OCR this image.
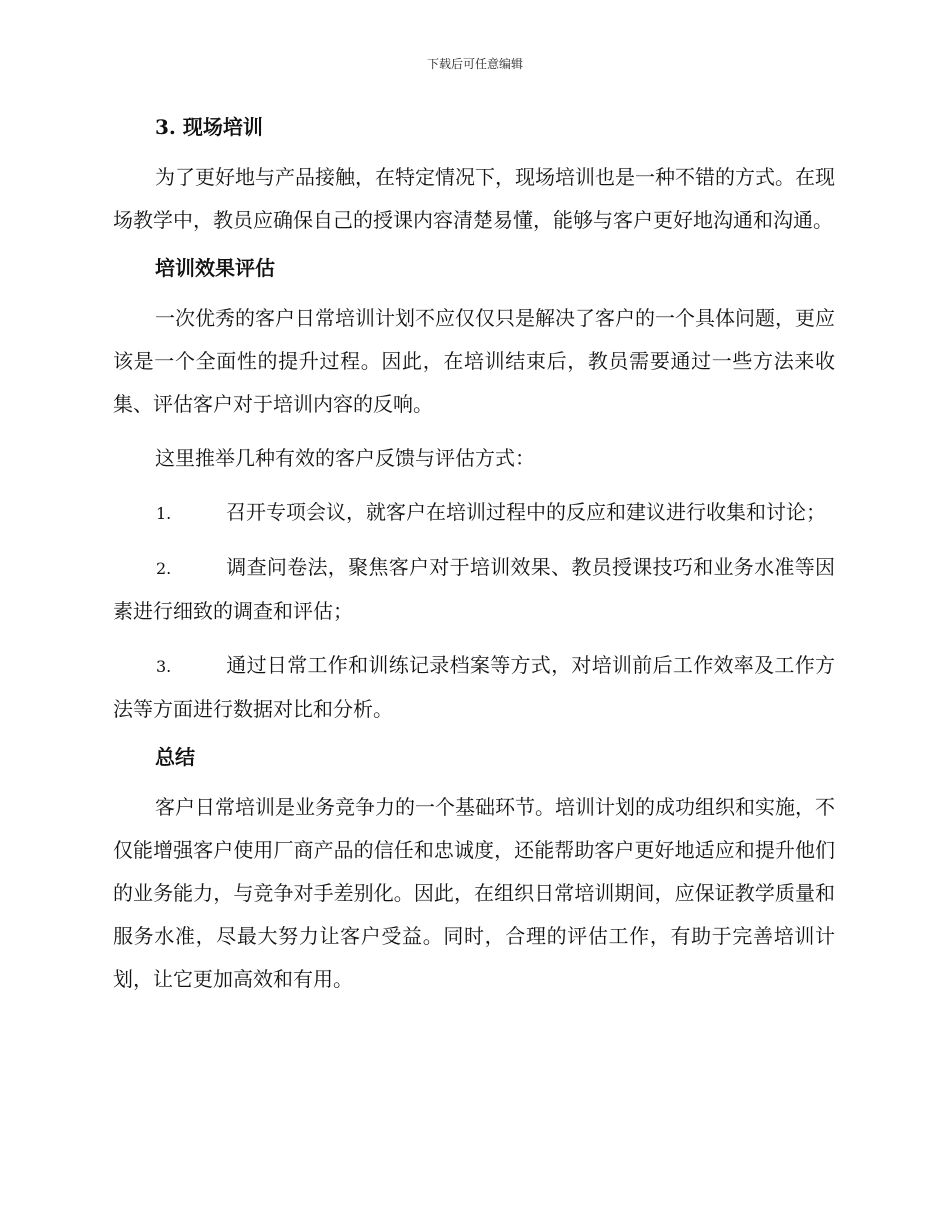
下载后可任意编辑
3. 现场培训

为了更好地与产品接触，在特定情况下，现场培训也是一种不错的方式。在现场教学中，教员应确保自己的授课内容清楚易懂，能够与客户更好地沟通和沟通。

培训效果评估

一次优秀的客户日常培训计划不应仅仅只是解决了客户的一个具体问题，更应该是一个全面性的提升过程。因此，在培训结束后，教员需要通过一些方法来收集、评估客户对于培训内容的反响。

这里推举几种有效的客户反馈与评估方式：

1.	召开专项会议，就客户在培训过程中的反应和建议进行收集和讨论；

2.	调查问卷法，聚焦客户对于培训效果、教员授课技巧和业务水准等因素进行细致的调查和评估；

3.	通过日常工作和训练记录档案等方式，对培训前后工作效率及工作方法等方面进行数据对比和分析。

总结

客户日常培训是业务竞争力的一个基础环节。培训计划的成功组织和实施，不仅能增强客户使用厂商产品的信任和忠诚度，还能帮助客户更好地适应和提升他们的业务能力，与竞争对手差别化。因此，在组织日常培训期间，应保证教学质量和服务水准，尽最大努力让客户受益。同时，合理的评估工作，有助于完善培训计划，让它更加高效和有用。
